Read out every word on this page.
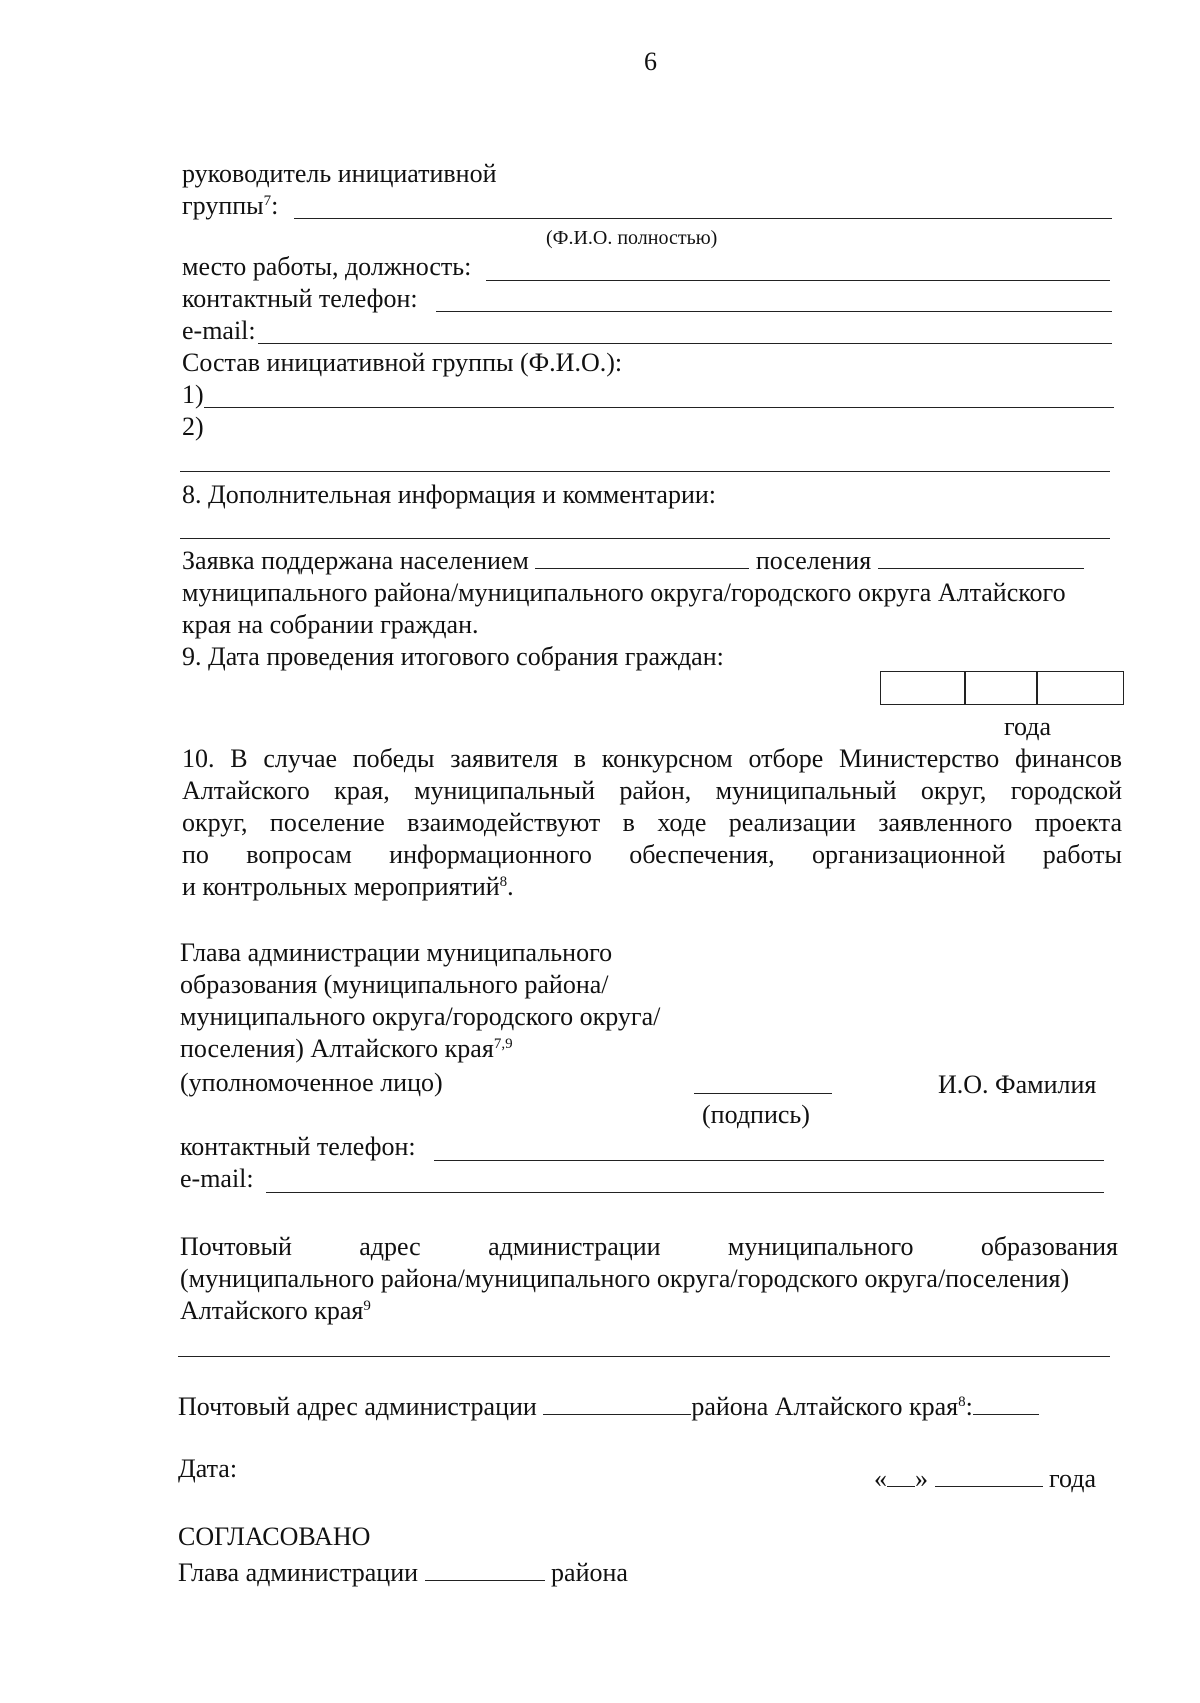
6
руководитель инициативной
группы$^7$:
(Ф.И.О. полностью)
место работы, должность:
контактный телефон:
e-mail:
Состав инициативной группы (Ф.И.О.):
1)
2)
8. Дополнительная информация и комментарии:
Заявка поддержана населением	поселения
муниципального района/муниципального округа/городского округа Алтайского
края на собрании граждан.
9. Дата проведения итогового собрания граждан:
года
10. В случае победы заявителя в конкурсном отборе Министерство финансов
Алтайского края, муниципальный район, муниципальный округ, городской
округ, поселение взаимодействуют в ходе реализации заявленного проекта
по вопросам информационного обеспечения, организационной работы
и контрольных мероприятий$^8$.
Глава администрации муниципального
образования (муниципального района/
муниципального округа/городского округа/
поселения) Алтайского края$^{7,9}$
(уполномоченное лицо)	И.О. Фамилия
(подпись)
контактный телефон:
e-mail:
Почтовый	адрес	администрации	муниципального	образования
(муниципального района/муниципального округа/городского округа/поселения)
Алтайского края$^9$
Почтовый адрес администрации	района Алтайского края$^8$:
Дата:	« »	года
СОГЛАСОВАНО
Глава администрации	района
